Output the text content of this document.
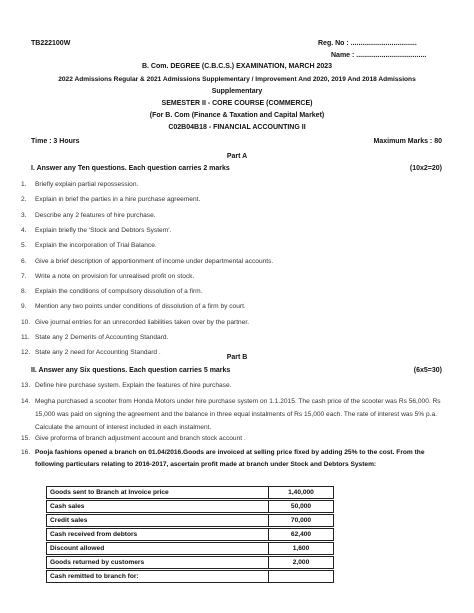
TB222100W	Reg. No : ..................................
Name : ....................................
B. Com. DEGREE (C.B.C.S.) EXAMINATION, MARCH 2023
2022 Admissions Regular & 2021 Admissions Supplementary / Improvement And 2020, 2019 And 2018 Admissions
Supplementary
SEMESTER II - CORE COURSE (COMMERCE)
(For B. Com (Finance & Taxation and Capital Market)
C02B04B18 - FINANCIAL ACCOUNTING II
Time : 3 Hours	Maximum Marks : 80
Part A
I. Answer any Ten questions. Each question carries 2 marks	(10x2=20)
1.	Briefly explain partial repossession.
2.	Explain in brief the parties in a hire purchase agreement.
3.	Describe any 2 features of hire purchase.
4.	Explain briefly the 'Stock and Debtors System'.
5.	Explain the incorporation of Trial Balance.
6.	Give a brief description of apportionment of income under departmental accounts.
7.	Write a note on provision for unrealised profit on stock.
8.	Explain the conditions of compulsory dissolution of a firm.
9.	Mention any two points under conditions of dissolution of a firm by court.
10. Give journal entries for an unrecorded liabilities taken over by the partner.
11. State any 2 Demerits of Accounting Standard.
12. State any 2 need for Accounting Standard .
Part B
II. Answer any Six questions. Each question carries 5 marks	(6x5=30)
13. Define hire purchase system. Explain the features of hire purchase.
14. Megha purchased a scooter from Honda Motors under hire purchase system on 1.1.2015. The cash price of the scooter was Rs 56,000. Rs 15,000 was paid on signing the agreement and the balance in three equal instalments of Rs 15,000 each. The rate of interest was 5% p.a. Calculate the amount of interest included in each instalment.
15. Give proforma of branch adjustment account and branch stock account .
16. Pooja fashions opened a branch on 01.04/2016.Goods are invoiced at selling price fixed by adding 25% to the cost. From the following particulars relating to 2016-2017, ascertain profit made at branch under Stock and Debtors System:
Goods sent to Branch at Invoice price	1,40,000

Cash sales	50,000

Credit sales	70,000

Cash received from debtors	62,400

Discount allowed	1,600

Goods returned by customers	2,000

Cash remitted to branch for:	
